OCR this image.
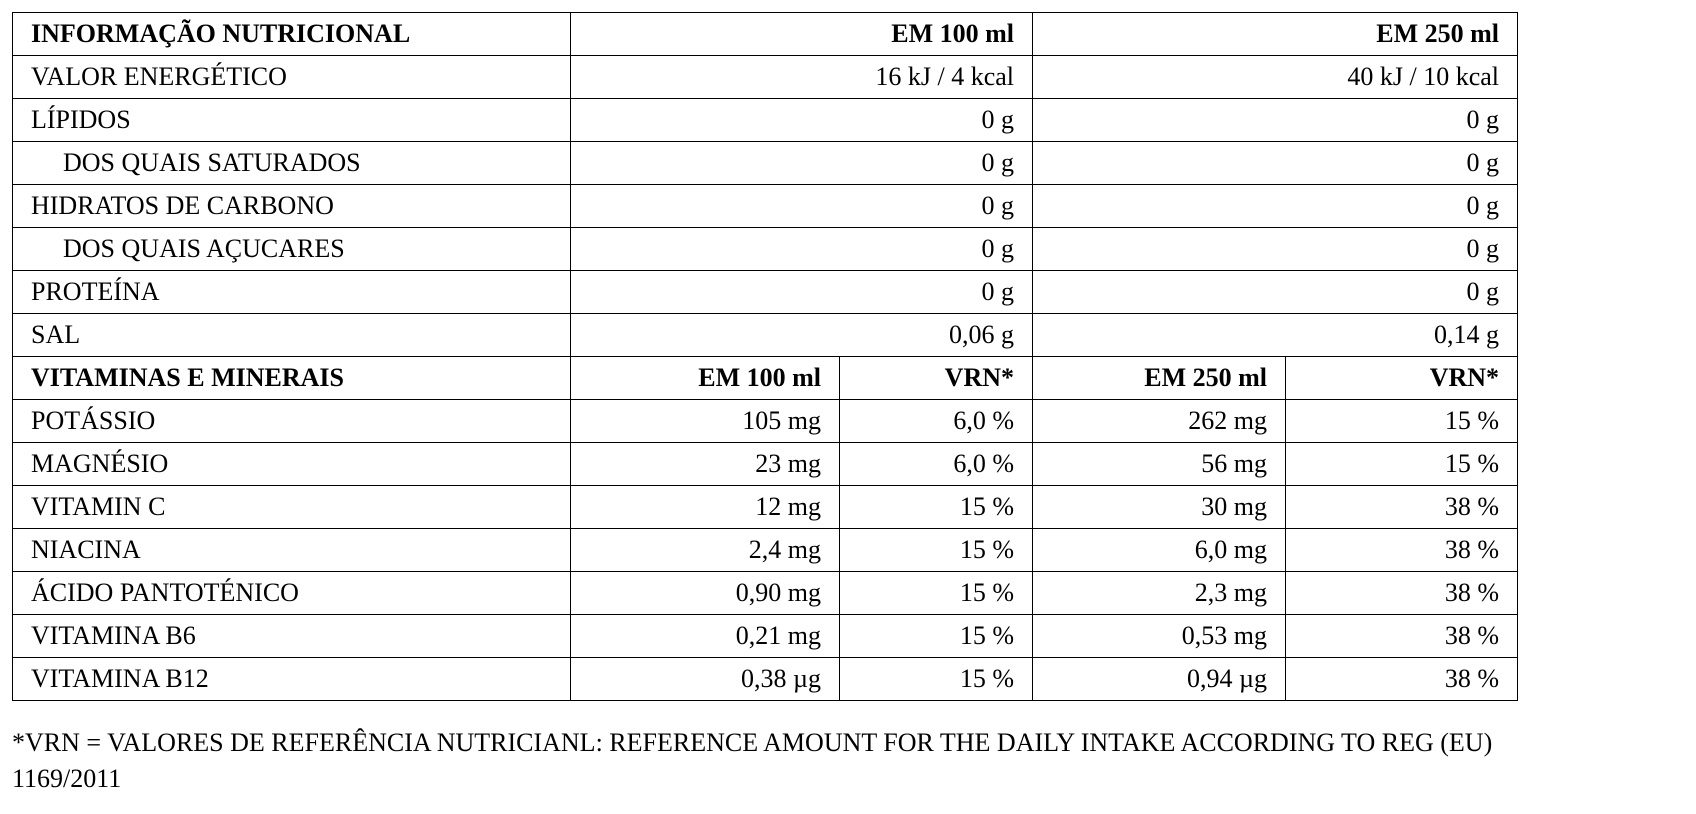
INFORMAÇÃO NUTRICIONAL	EM 100 ml		EM 250 ml	
VALOR ENERGÉTICO	16 kJ / 4 kcal		40 kJ / 10 kcal	
LÍPIDOS	0 g		0 g	
DOS QUAIS SATURADOS	0 g		0 g	
HIDRATOS DE CARBONO	0 g		0 g	
DOS QUAIS AÇUCARES	0 g		0 g	
PROTEÍNA	0 g		0 g	
SAL	0,06 g		0,14 g	
VITAMINAS E MINERAIS	EM 100 ml	VRN*	EM 250 ml	VRN*
POTÁSSIO	105 mg	6,0 %	262 mg	15 %
MAGNÉSIO	23 mg	6,0 %	56 mg	15 %
VITAMIN C	12 mg	15 %	30 mg	38 %
NIACINA	2,4 mg	15 %	6,0 mg	38 %
ÁCIDO PANTOTÉNICO	0,90 mg	15 %	2,3 mg	38 %
VITAMINA B6	0,21 mg	15 %	0,53 mg	38 %
VITAMINA B12	0,38 µg	15 %	0,94 µg	38 %

*VRN = VALORES DE REFERÊNCIA NUTRICIANL: REFERENCE AMOUNT FOR THE DAILY INTAKE ACCORDING TO REG (EU)

1169/2011
